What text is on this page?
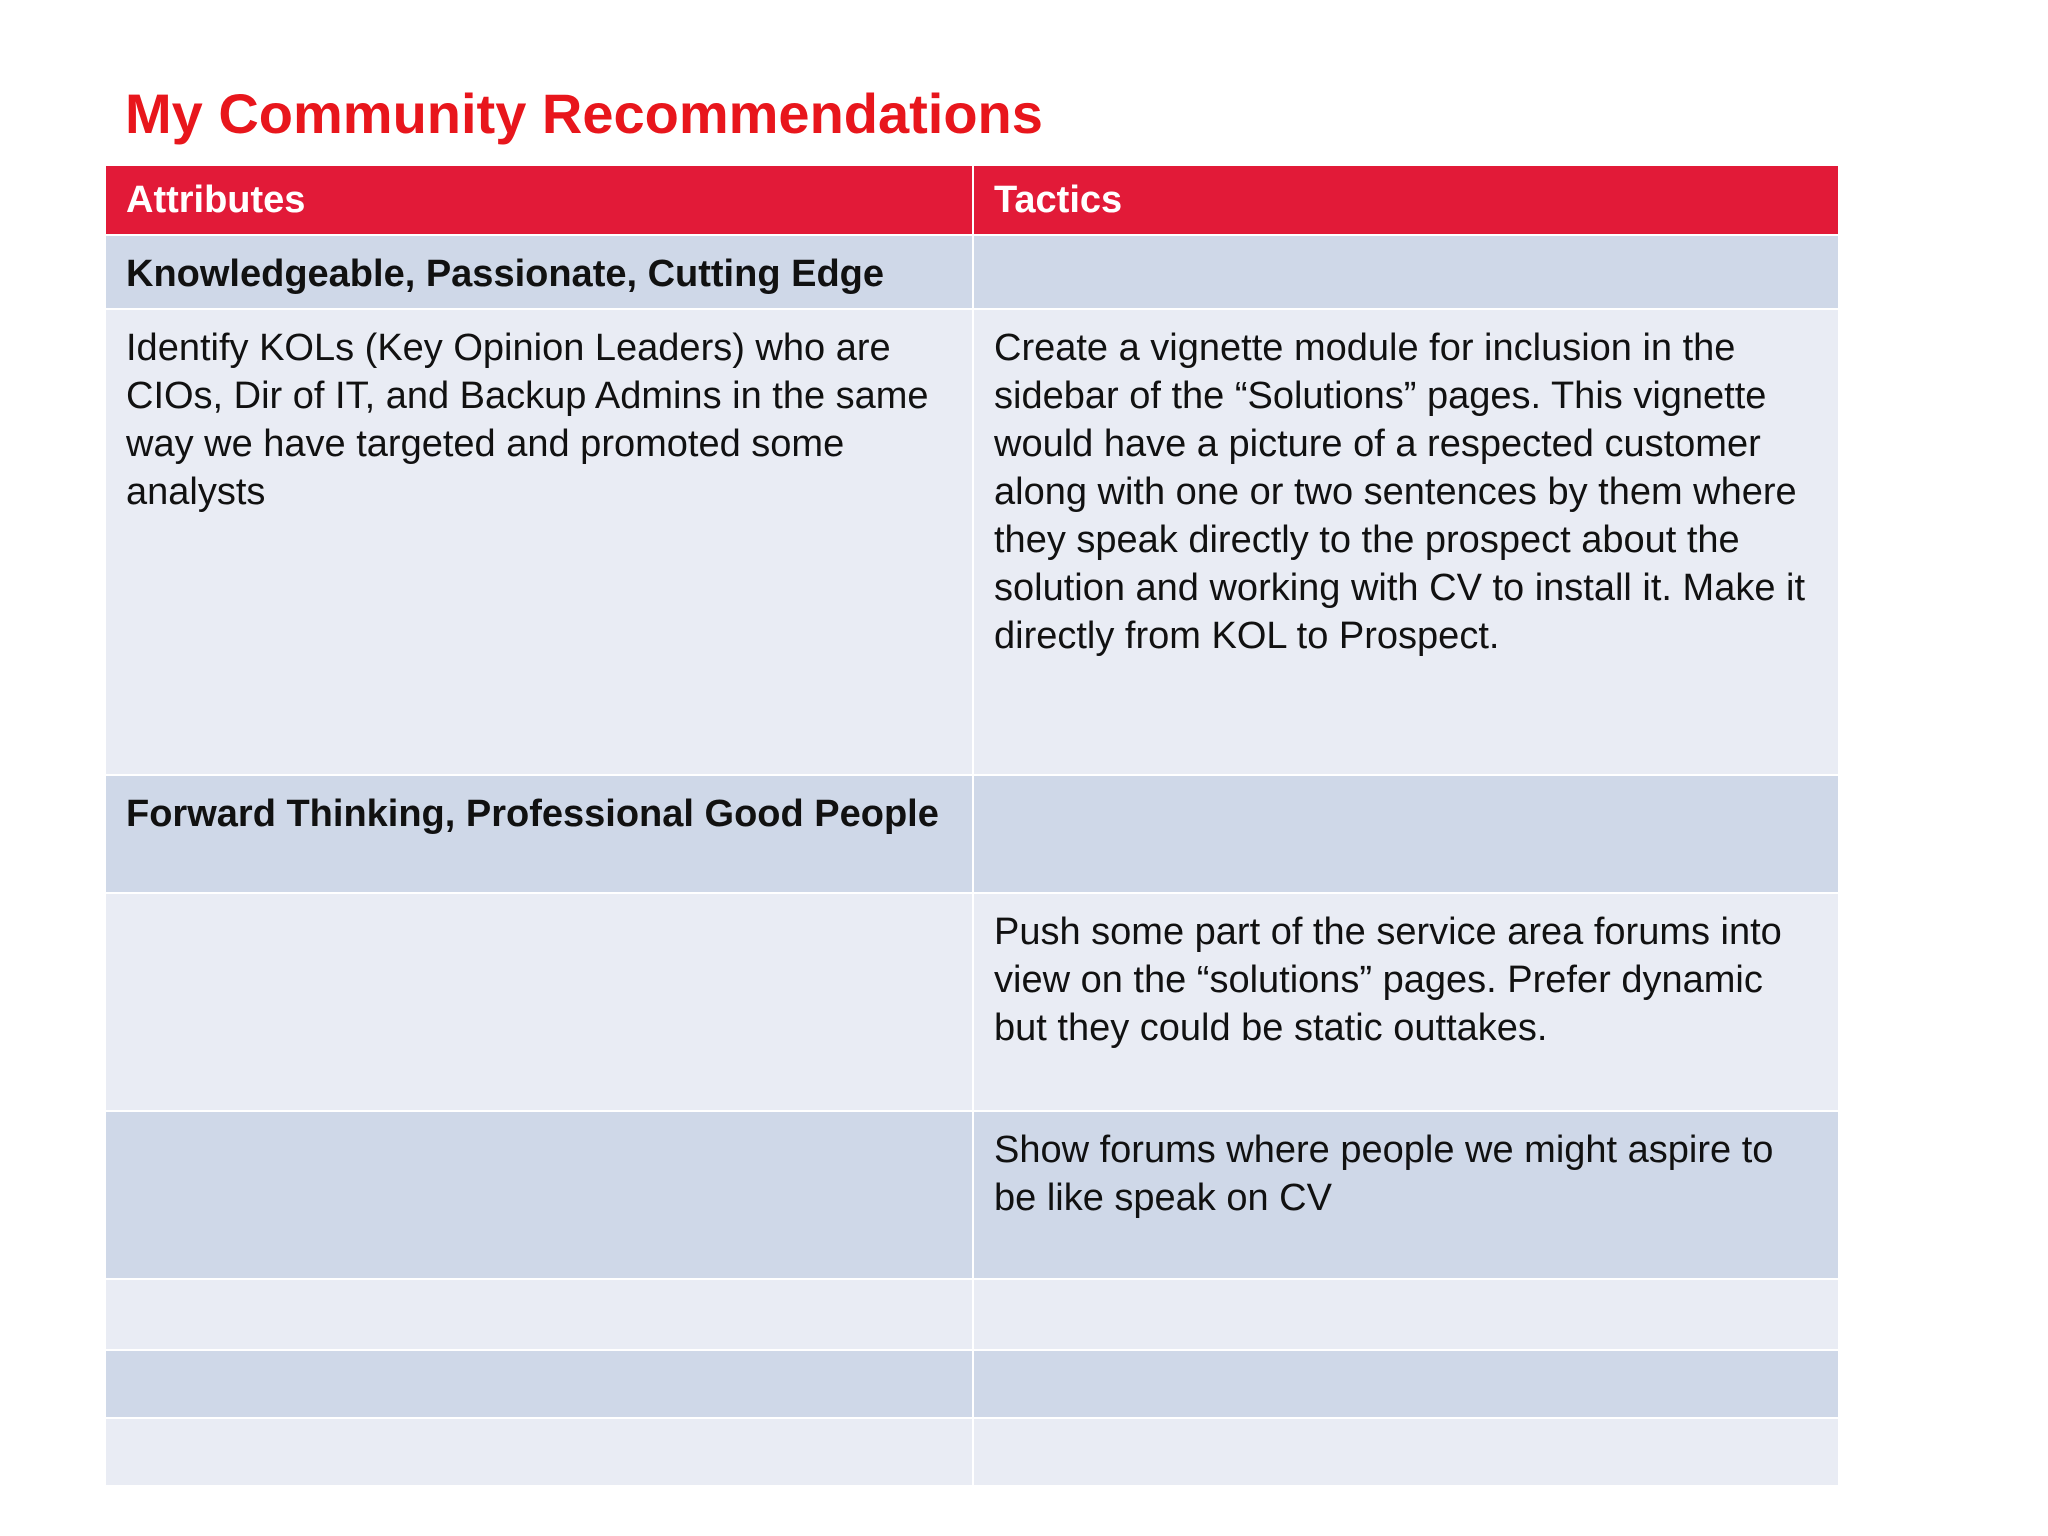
My Community Recommendations
Attributes	Tactics
Knowledgeable, Passionate, Cutting Edge	
Identify KOLs (Key Opinion Leaders) who are CIOs, Dir of IT, and Backup Admins in the same way we have targeted and promoted some analysts	Create a vignette module for inclusion in the sidebar of the “Solutions” pages. This vignette would have a picture of a respected customer along with one or two sentences by them where they speak directly to the prospect about the solution and working with CV to install it. Make it directly from KOL to Prospect.
Forward Thinking, Professional Good People	
	Push some part of the service area forums into view on the “solutions” pages. Prefer dynamic but they could be static outtakes.
	Show forums where people we might aspire to be like speak on CV
